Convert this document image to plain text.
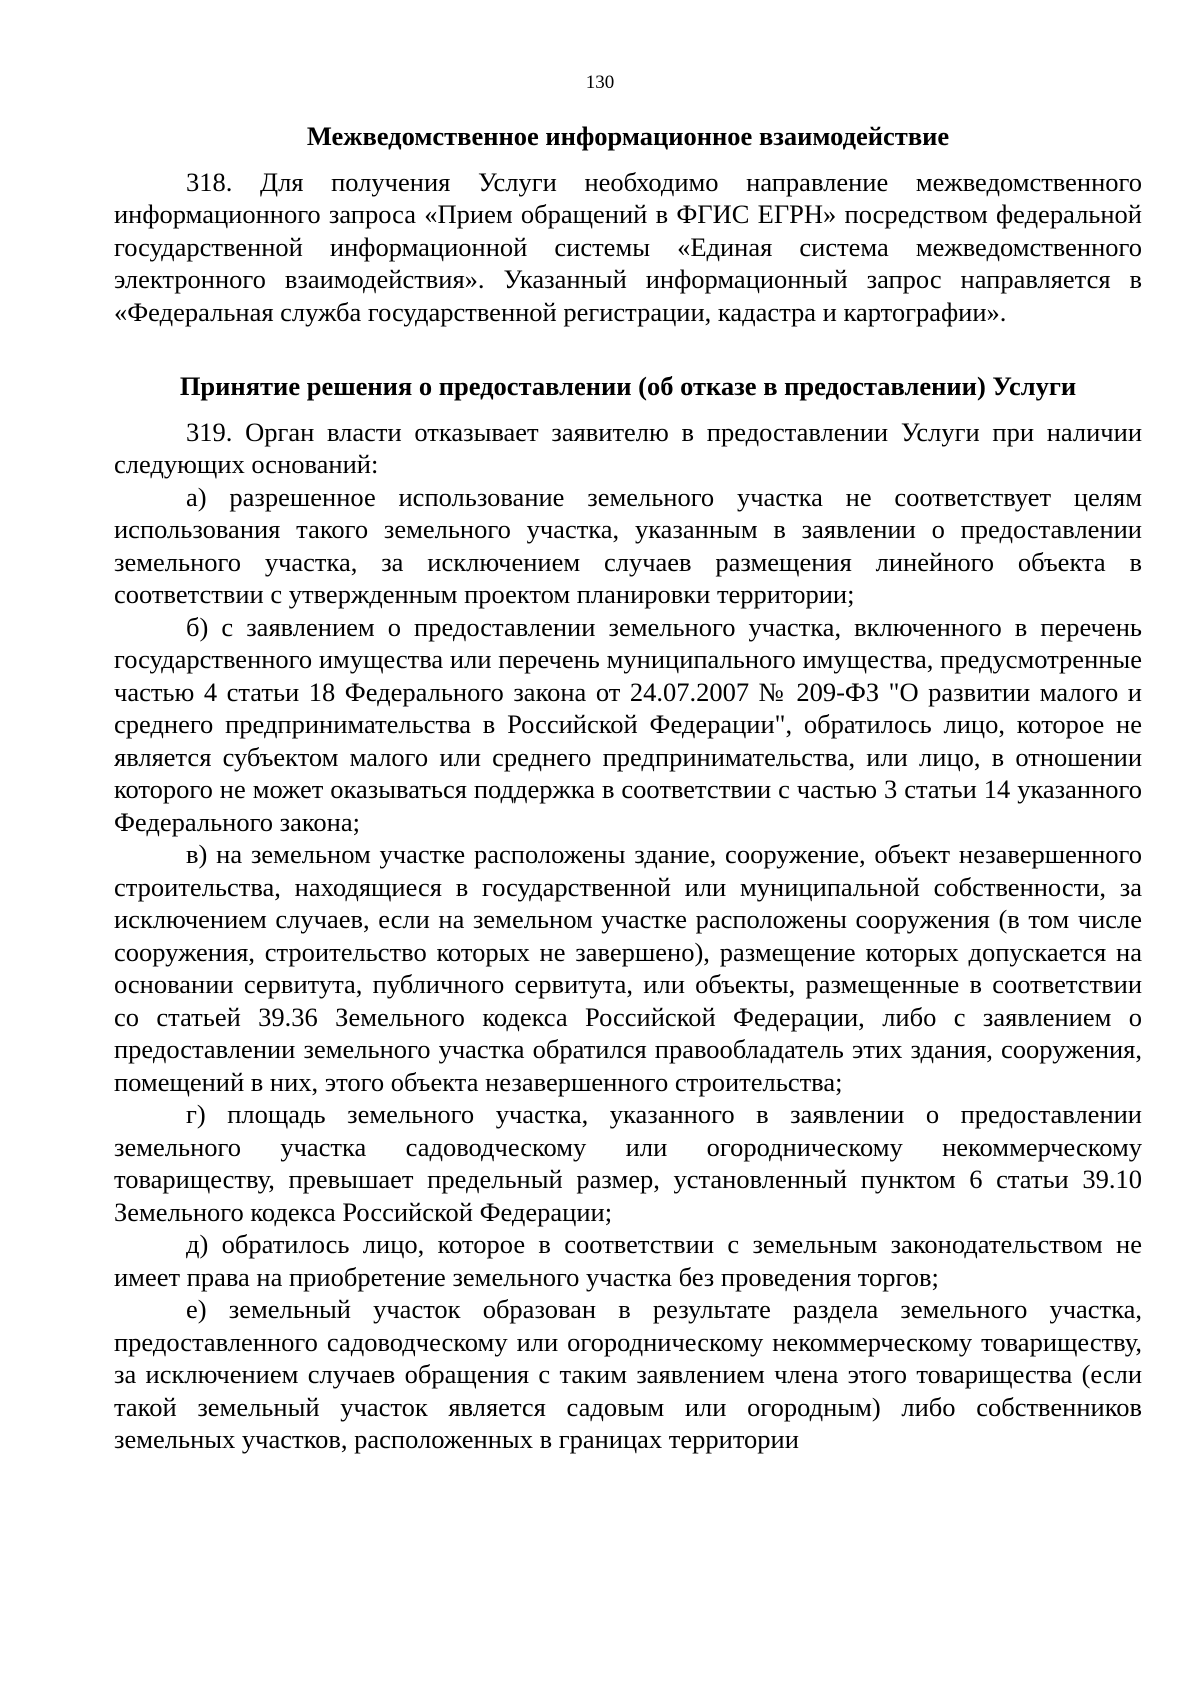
130

Межведомственное информационное взаимодействие

318. Для получения Услуги необходимо направление межведомственного информационного запроса «Прием обращений в ФГИС ЕГРН» посредством федеральной государственной информационной системы «Единая система межведомственного электронного взаимодействия». Указанный информационный запрос направляется в «Федеральная служба государственной регистрации, кадастра и картографии».

Принятие решения о предоставлении (об отказе в предоставлении) Услуги

319. Орган власти отказывает заявителю в предоставлении Услуги при наличии следующих оснований:

а) разрешенное использование земельного участка не соответствует целям использования такого земельного участка, указанным в заявлении о предоставлении земельного участка, за исключением случаев размещения линейного объекта в соответствии с утвержденным проектом планировки территории;

б) с заявлением о предоставлении земельного участка, включенного в перечень государственного имущества или перечень муниципального имущества, предусмотренные частью 4 статьи 18 Федерального закона от 24.07.2007 № 209-ФЗ "О развитии малого и среднего предпринимательства в Российской Федерации", обратилось лицо, которое не является субъектом малого или среднего предпринимательства, или лицо, в отношении которого не может оказываться поддержка в соответствии с частью 3 статьи 14 указанного Федерального закона;

в) на земельном участке расположены здание, сооружение, объект незавершенного строительства, находящиеся в государственной или муниципальной собственности, за исключением случаев, если на земельном участке расположены сооружения (в том числе сооружения, строительство которых не завершено), размещение которых допускается на основании сервитута, публичного сервитута, или объекты, размещенные в соответствии со статьей 39.36 Земельного кодекса Российской Федерации, либо с заявлением о предоставлении земельного участка обратился правообладатель этих здания, сооружения, помещений в них, этого объекта незавершенного строительства;

г) площадь земельного участка, указанного в заявлении о предоставлении земельного участка садоводческому или огородническому некоммерческому товариществу, превышает предельный размер, установленный пунктом 6 статьи 39.10 Земельного кодекса Российской Федерации;

д) обратилось лицо, которое в соответствии с земельным законодательством не имеет права на приобретение земельного участка без проведения торгов;

е) земельный участок образован в результате раздела земельного участка, предоставленного садоводческому или огородническому некоммерческому товариществу, за исключением случаев обращения с таким заявлением члена этого товарищества (если такой земельный участок является садовым или огородным) либо собственников земельных участков, расположенных в границах территории
